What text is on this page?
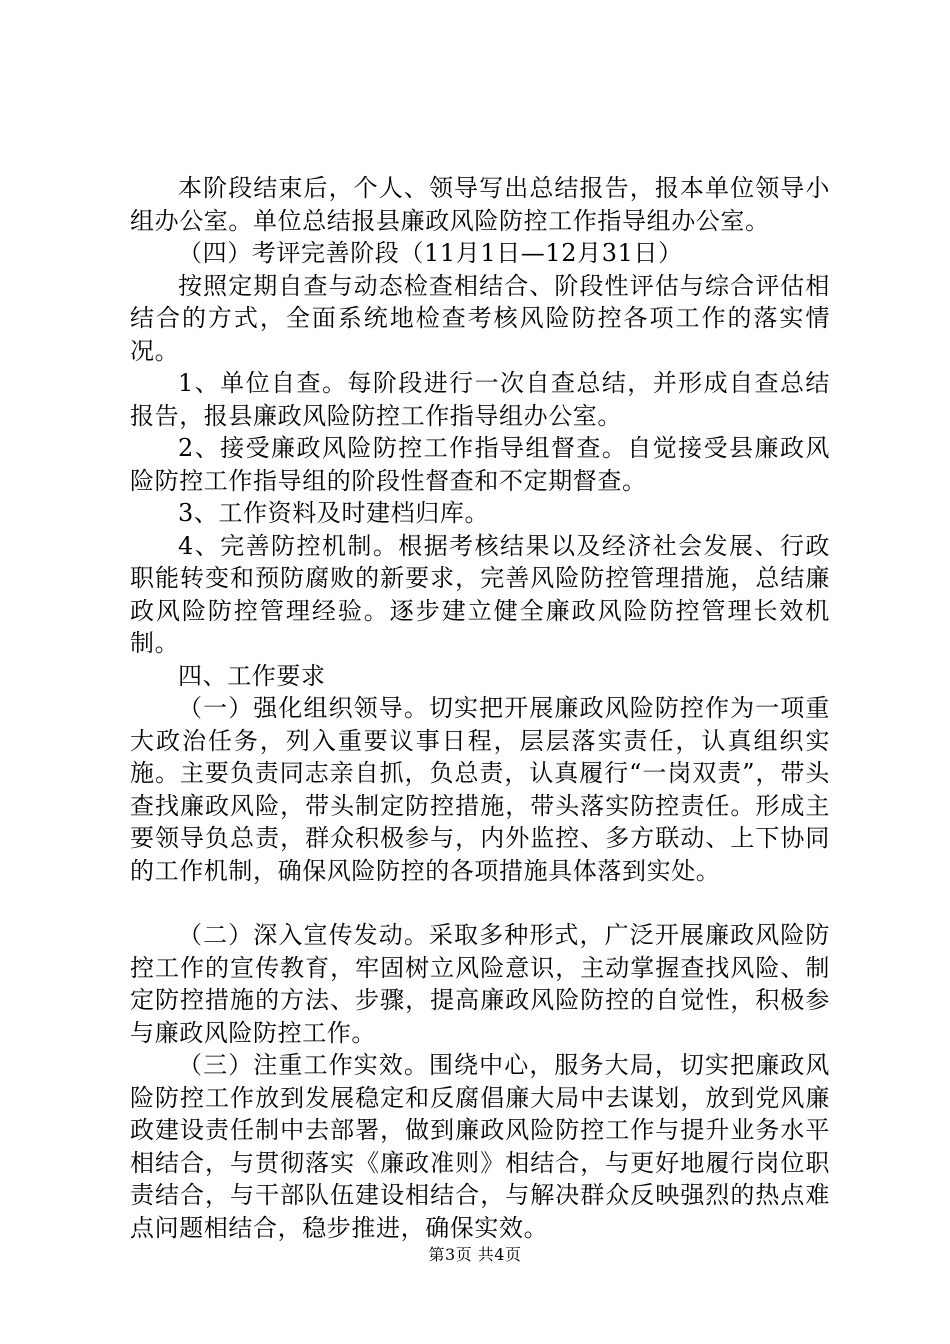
本阶段结束后，个人、领导写出总结报告，报本单位领导小组办公室。单位总结报县廉政风险防控工作指导组办公室。

（四）考评完善阶段（11月1日—12月31日）

按照定期自查与动态检查相结合、阶段性评估与综合评估相结合的方式，全面系统地检查考核风险防控各项工作的落实情况。

1、单位自查。每阶段进行一次自查总结，并形成自查总结报告，报县廉政风险防控工作指导组办公室。

2、接受廉政风险防控工作指导组督查。自觉接受县廉政风险防控工作指导组的阶段性督查和不定期督查。

3、工作资料及时建档归库。

4、完善防控机制。根据考核结果以及经济社会发展、行政职能转变和预防腐败的新要求，完善风险防控管理措施，总结廉政风险防控管理经验。逐步建立健全廉政风险防控管理长效机制。

四、工作要求

（一）强化组织领导。切实把开展廉政风险防控作为一项重大政治任务，列入重要议事日程，层层落实责任，认真组织实施。主要负责同志亲自抓，负总责，认真履行“一岗双责”，带头查找廉政风险，带头制定防控措施，带头落实防控责任。形成主要领导负总责，群众积极参与，内外监控、多方联动、上下协同的工作机制，确保风险防控的各项措施具体落到实处。

（二）深入宣传发动。采取多种形式，广泛开展廉政风险防控工作的宣传教育，牢固树立风险意识，主动掌握查找风险、制定防控措施的方法、步骤，提高廉政风险防控的自觉性，积极参与廉政风险防控工作。

（三）注重工作实效。围绕中心，服务大局，切实把廉政风险防控工作放到发展稳定和反腐倡廉大局中去谋划，放到党风廉政建设责任制中去部署，做到廉政风险防控工作与提升业务水平相结合，与贯彻落实《廉政准则》相结合，与更好地履行岗位职责结合，与干部队伍建设相结合，与解决群众反映强烈的热点难点问题相结合，稳步推进，确保实效。

第3页 共4页
